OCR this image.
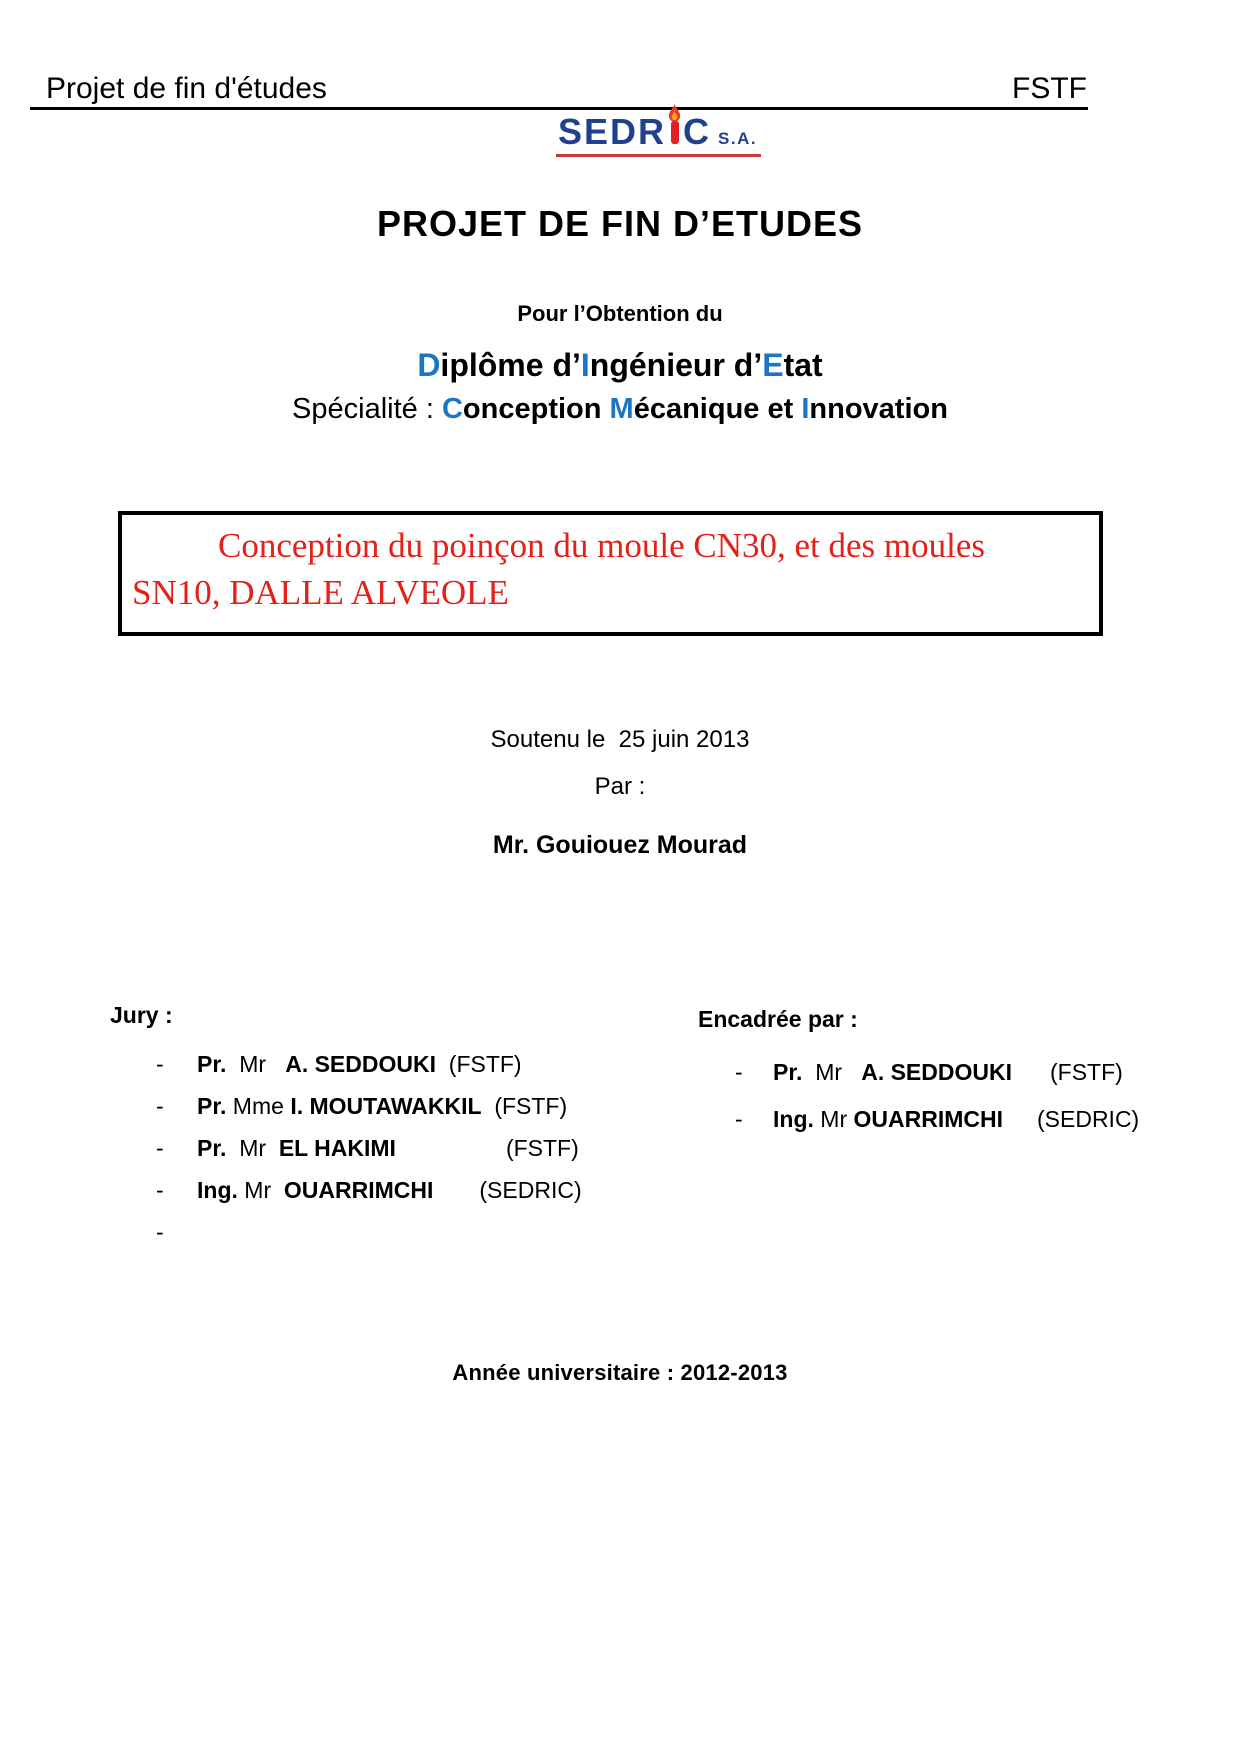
Projet de fin d'études	FSTF
SEDR C S.A.
PROJET DE FIN D’ETUDES

Pour l’Obtention du

Diplôme d’Ingénieur d’Etat

Spécialité : Conception Mécanique et Innovation

Conception du poinçon du moule CN30, et des moules
SN10, DALLE ALVEOLE

Soutenu le  25 juin 2013

Par :

Mr. Gouiouez Mourad

Jury :
-	Pr.  Mr   A. SEDDOUKI  (FSTF)
-	Pr. Mme I. MOUTAWAKKIL  (FSTF)
-	Pr.  Mr  EL HAKIMI	(FSTF)
-	Ing. Mr  OUARRIMCHI (SEDRIC)
-
Encadrée par :
-	Pr.  Mr   A. SEDDOUKI (FSTF)
-	Ing. Mr OUARRIMCHI (SEDRIC)

Année universitaire : 2012-2013
